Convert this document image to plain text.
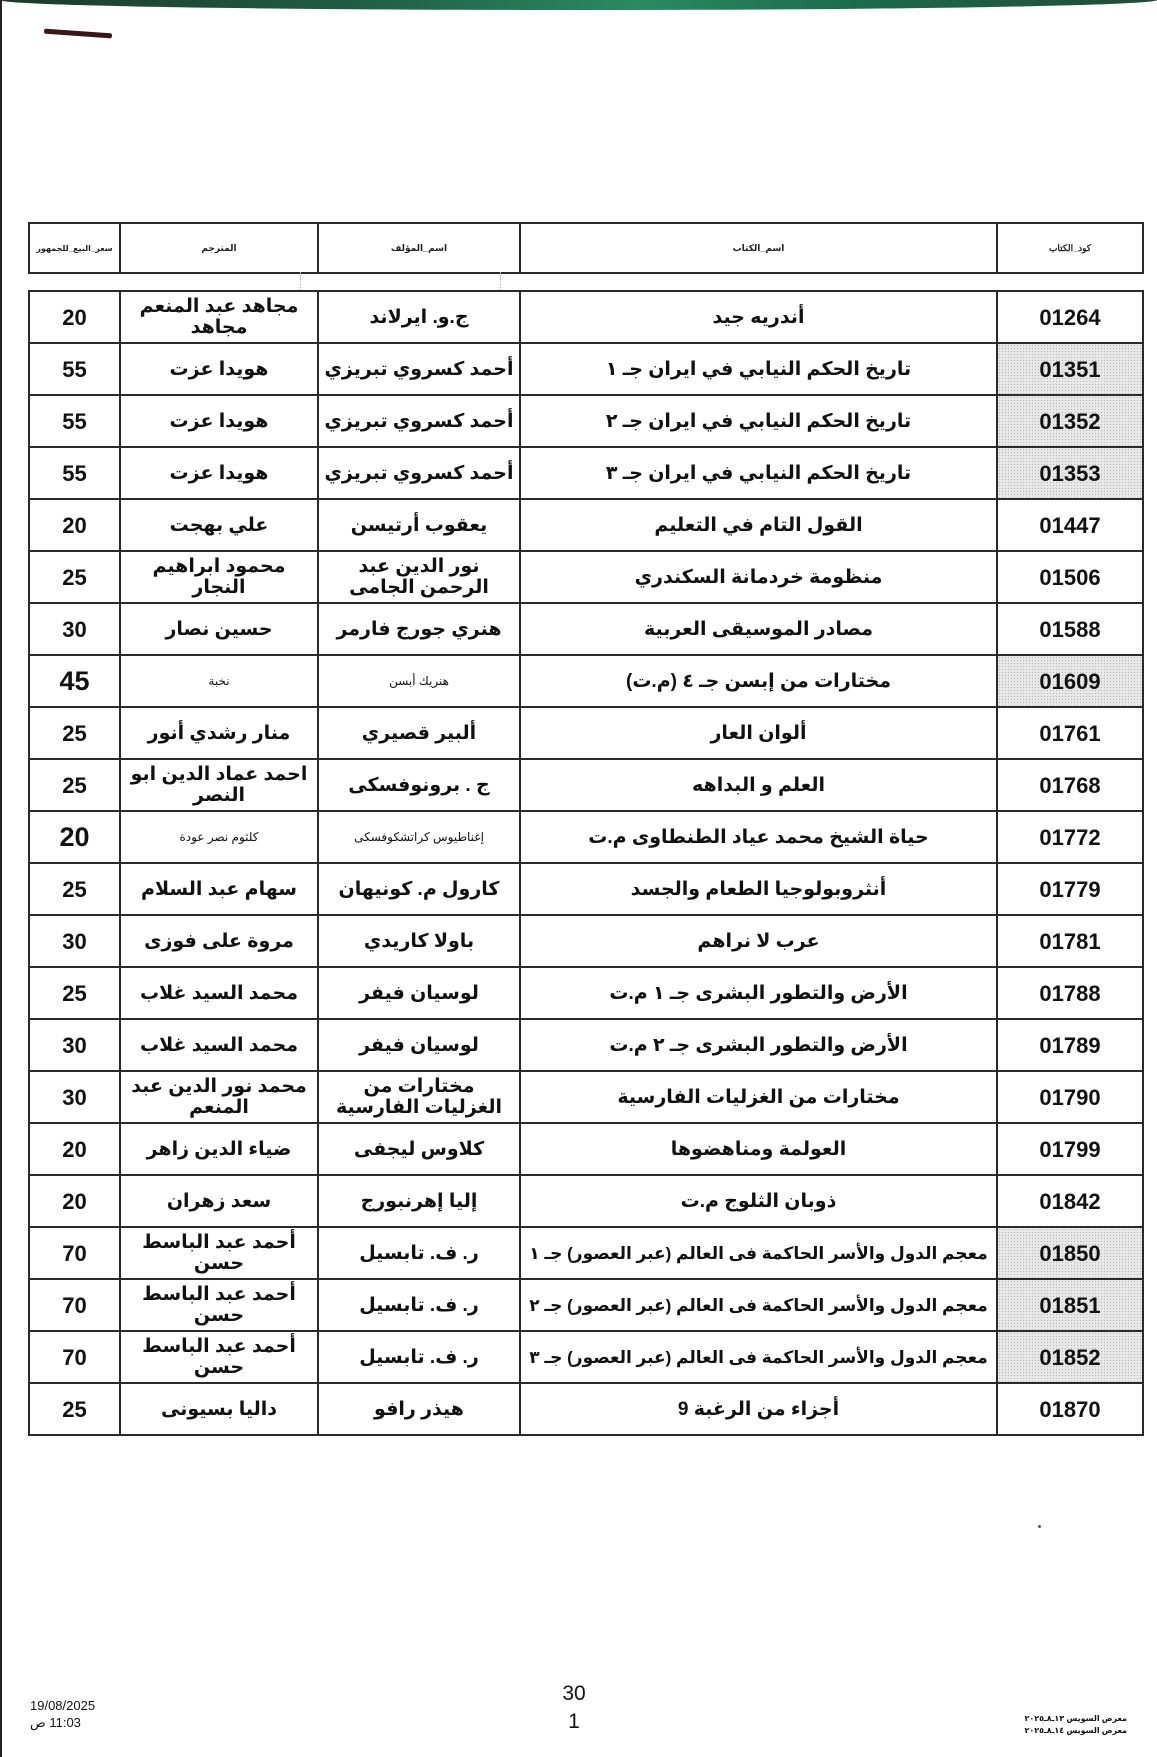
كود_الكتاب	اسم_الكتاب	اسم_المؤلف	المترجم	سعر_البيع_للجمهور
01264	أندريه جيد	ج.و. ايرلاند	مجاهد عبد المنعم مجاهد	20
01351	تاريخ الحكم النيابي في ايران جـ ١	أحمد كسروي تبريزي	هويدا عزت	55
01352	تاريخ الحكم النيابي في ايران جـ ٢	أحمد كسروي تبريزي	هويدا عزت	55
01353	تاريخ الحكم النيابي في ايران جـ ٣	أحمد كسروي تبريزي	هويدا عزت	55
01447	القول التام في التعليم	يعقوب أرتيسن	علي بهجت	20
01506	منظومة خردمانة السكندري	نور الدين عبد الرحمن الجامى	محمود ابراهيم النجار	25
01588	مصادر الموسيقى العربية	هنري جورج فارمر	حسين نصار	30
01609	مختارات من إبسن جـ ٤ (م.ت)	هنريك أبسن	نخبة	45
01761	ألوان العار	ألبير قصيري	منار رشدي أنور	25
01768	العلم و البداهه	ج . برونوفسكى	احمد عماد الدين ابو النصر	25
01772	حياة الشيخ محمد عياد الطنطاوى م.ت	إغناطيوس كراتشكوفسكى	كلثوم نصر عودة	20
01779	أنثروبولوجيا الطعام والجسد	كارول م. كونيهان	سهام عبد السلام	25
01781	عرب لا نراهم	باولا كاريدي	مروة على فوزى	30
01788	الأرض والتطور البشرى جـ ١ م.ت	لوسيان فيفر	محمد السيد غلاب	25
01789	الأرض والتطور البشرى جـ ٢ م.ت	لوسيان فيفر	محمد السيد غلاب	30
01790	مختارات من الغزليات الفارسية	مختارات من الغزليات الفارسية	محمد نور الدين عبد المنعم	30
01799	العولمة ومناهضوها	كلاوس ليجفى	ضياء الدين زاهر	20
01842	ذوبان الثلوج م.ت	إليا إهرنبورج	سعد زهران	20
01850	معجم الدول والأسر الحاكمة فى العالم (عبر العصور) جـ ١	ر. ف. تابسيل	أحمد عبد الباسط حسن	70
01851	معجم الدول والأسر الحاكمة فى العالم (عبر العصور) جـ ٢	ر. ف. تابسيل	أحمد عبد الباسط حسن	70
01852	معجم الدول والأسر الحاكمة فى العالم (عبر العصور) جـ ٣	ر. ف. تابسيل	أحمد عبد الباسط حسن	70
01870	أجزاء من الرغبة 9	هيذر رافو	داليا بسيونى	25
19/08/2025
11:03 ص
30
1	معرض السويس ١٣ـ٨ـ٢٠٢٥
معرض السويس ١٤ـ٨ـ٢٠٢٥
